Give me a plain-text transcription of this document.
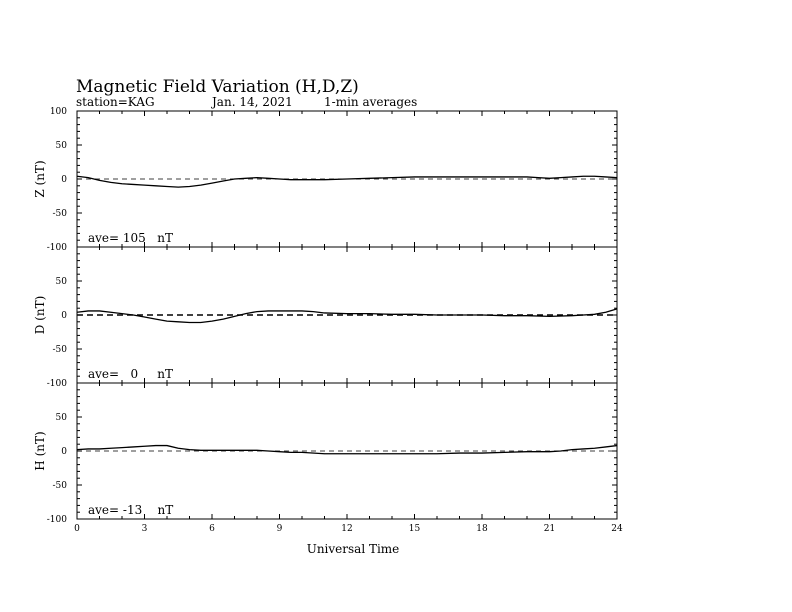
Magnetic Field Variation (H,D,Z)
station=KAG	Jan. 14, 2021	1-min averages
100
50
0
-50
-100
Z (nT)
ave= 105   nT
50
0
-50
-100
D (nT)
ave=   0     nT
50
0
-50
-100
H (nT)
ave= -13    nT
0	3	6	9	12	15	18	21	24
Universal Time
